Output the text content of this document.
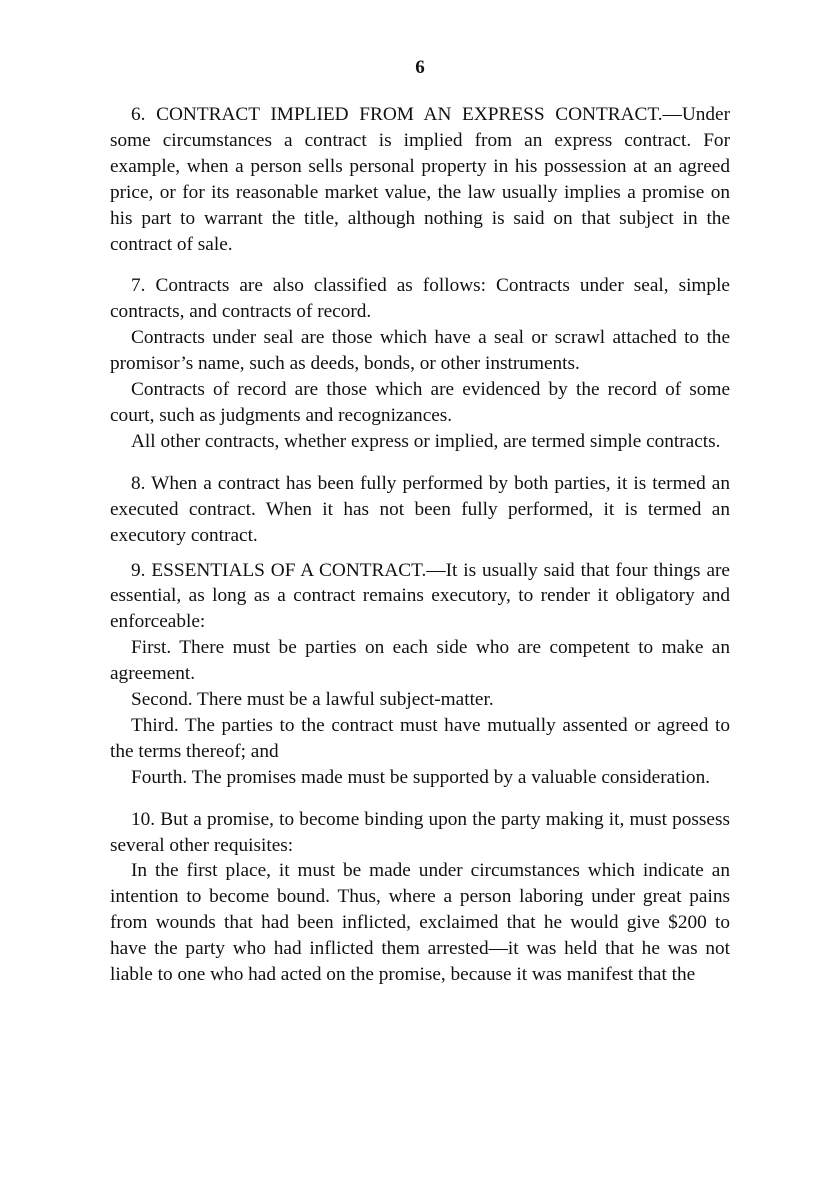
6

6. CONTRACT IMPLIED FROM AN EXPRESS CONTRACT.—Under some circumstances a contract is implied from an express contract. For example, when a person sells personal property in his possession at an agreed price, or for its reasonable market value, the law usually implies a promise on his part to warrant the title, although nothing is said on that subject in the contract of sale.

7. Contracts are also classified as follows: Contracts under seal, simple contracts, and contracts of record.

Contracts under seal are those which have a seal or scrawl attached to the promisor’s name, such as deeds, bonds, or other instruments.

Contracts of record are those which are evidenced by the record of some court, such as judgments and recognizances.

All other contracts, whether express or implied, are termed simple contracts.

8. When a contract has been fully performed by both parties, it is termed an executed contract. When it has not been fully performed, it is termed an executory contract.

9. ESSENTIALS OF A CONTRACT.—It is usually said that four things are essential, as long as a contract remains executory, to render it obligatory and enforceable:

First. There must be parties on each side who are competent to make an agreement.

Second. There must be a lawful subject-matter.

Third. The parties to the contract must have mutually assented or agreed to the terms thereof; and

Fourth. The promises made must be supported by a valuable consideration.

10. But a promise, to become binding upon the party making it, must possess several other requisites:

In the first place, it must be made under circumstances which indicate an intention to become bound. Thus, where a person laboring under great pains from wounds that had been inflicted, exclaimed that he would give $200 to have the party who had inflicted them arrested—it was held that he was not liable to one who had acted on the promise, because it was manifest that the
